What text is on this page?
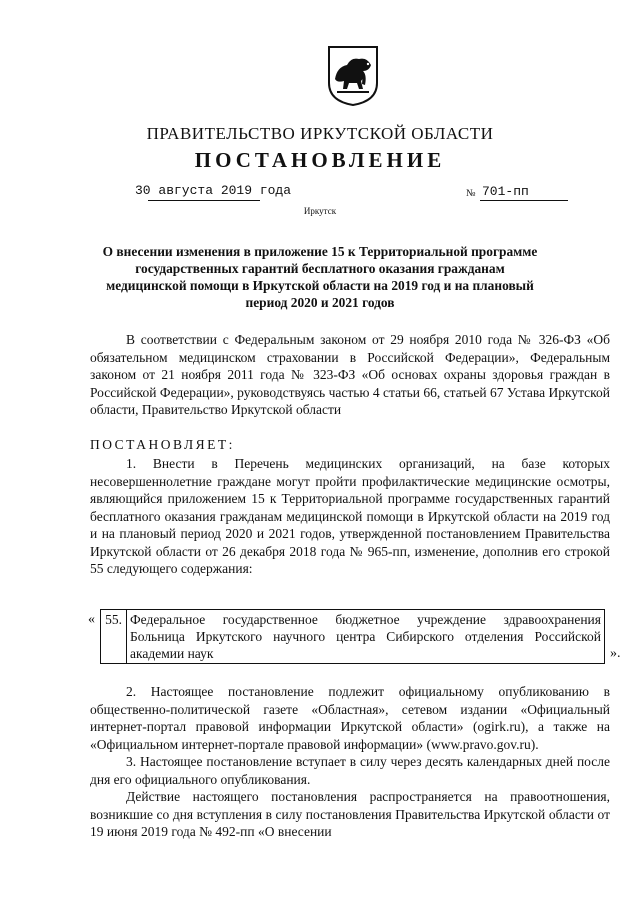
ПРАВИТЕЛЬСТВО ИРКУТСКОЙ ОБЛАСТИ
ПОСТАНОВЛЕНИЕ
30 августа 2019 года	№ 701-пп
Иркутск
О внесении изменения в приложение 15 к Территориальной программе государственных гарантий бесплатного оказания гражданам медицинской помощи в Иркутской области на 2019 год и на плановый период 2020 и 2021 годов
В соответствии с Федеральным законом от 29 ноября 2010 года № 326-ФЗ «Об обязательном медицинском страховании в Российской Федерации», Федеральным законом от 21 ноября 2011 года № 323-ФЗ «Об основах охраны здоровья граждан в Российской Федерации», руководствуясь частью 4 статьи 66, статьей 67 Устава Иркутской области, Правительство Иркутской области
ПОСТАНОВЛЯЕТ:
1. Внести в Перечень медицинских организаций, на базе которых несовершеннолетние граждане могут пройти профилактические медицинские осмотры, являющийся приложением 15 к Территориальной программе государственных гарантий бесплатного оказания гражданам медицинской помощи в Иркутской области на 2019 год и на плановый период 2020 и 2021 годов, утвержденной постановлением Правительства Иркутской области от 26 декабря 2018 года № 965-пп, изменение, дополнив его строкой 55 следующего содержания:
« 55.	Федеральное государственное бюджетное учреждение здравоохранения Больница Иркутского научного центра Сибирского отделения Российской академии наук	».
2. Настоящее постановление подлежит официальному опубликованию в общественно-политической газете «Областная», сетевом издании «Официальный интернет-портал правовой информации Иркутской области» (ogirk.ru), а также на «Официальном интернет-портале правовой информации» (www.pravo.gov.ru).
3. Настоящее постановление вступает в силу через десять календарных дней после дня его официального опубликования.
Действие настоящего постановления распространяется на правоотношения, возникшие со дня вступления в силу постановления Правительства Иркутской области от 19 июня 2019 года № 492-пп «О внесении
